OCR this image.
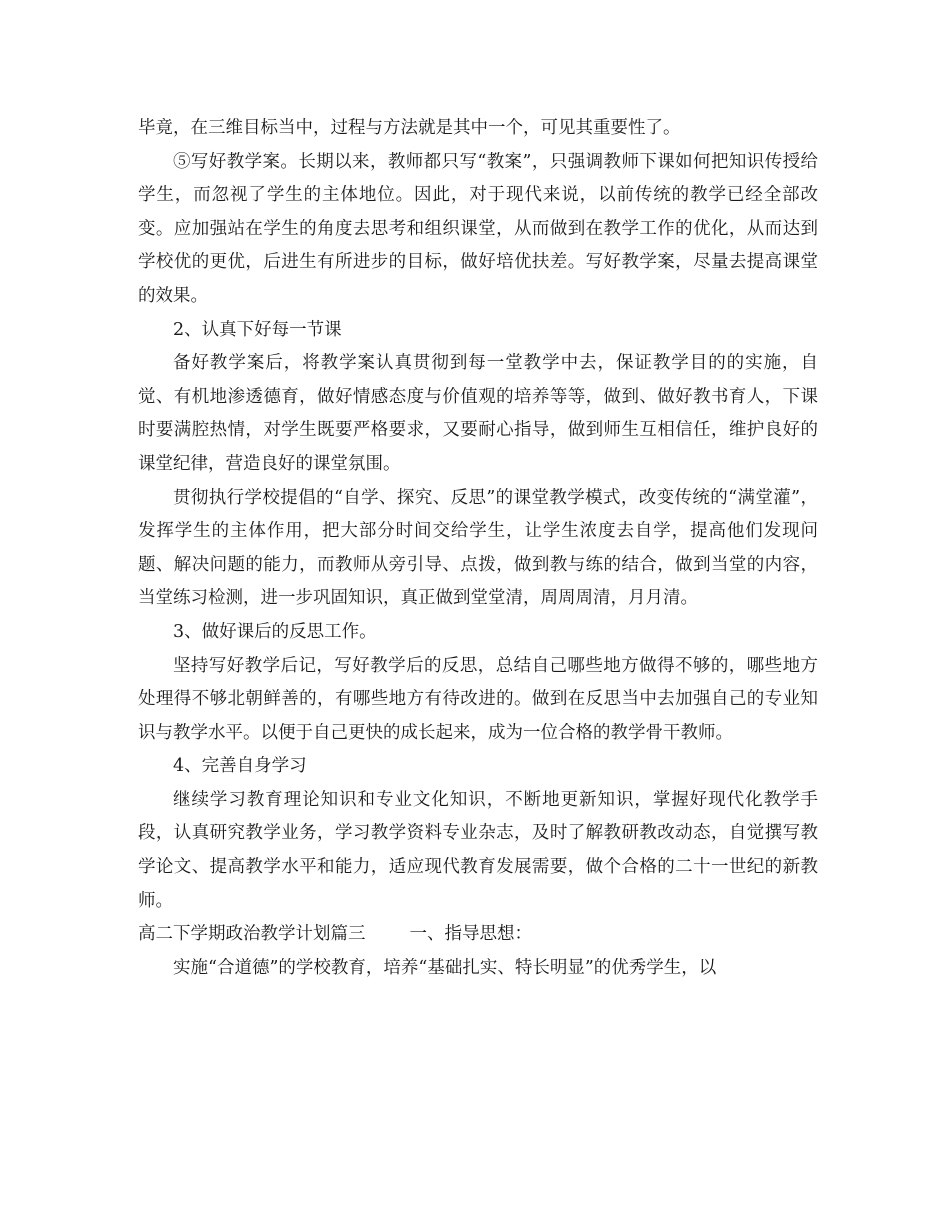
毕竟，在三维目标当中，过程与方法就是其中一个，可见其重要性了。

⑤写好教学案。长期以来，教师都只写“教案”，只强调教师下课如何把知识传授给学生，而忽视了学生的主体地位。因此，对于现代来说，以前传统的教学已经全部改变。应加强站在学生的角度去思考和组织课堂，从而做到在教学工作的优化，从而达到学校优的更优，后进生有所进步的目标，做好培优扶差。写好教学案，尽量去提高课堂的效果。

2、认真下好每一节课

备好教学案后，将教学案认真贯彻到每一堂教学中去，保证教学目的的实施，自觉、有机地渗透德育，做好情感态度与价值观的培养等等，做到、做好教书育人，下课时要满腔热情，对学生既要严格要求，又要耐心指导，做到师生互相信任，维护良好的课堂纪律，营造良好的课堂氛围。

贯彻执行学校提倡的“自学、探究、反思”的课堂教学模式，改变传统的“满堂灌”，发挥学生的主体作用，把大部分时间交给学生，让学生浓度去自学，提高他们发现问题、解决问题的能力，而教师从旁引导、点拨，做到教与练的结合，做到当堂的内容，当堂练习检测，进一步巩固知识，真正做到堂堂清，周周周清，月月清。

3、做好课后的反思工作。

坚持写好教学后记，写好教学后的反思，总结自己哪些地方做得不够的，哪些地方处理得不够北朝鲜善的，有哪些地方有待改进的。做到在反思当中去加强自己的专业知识与教学水平。以便于自己更快的成长起来，成为一位合格的教学骨干教师。

4、完善自身学习

继续学习教育理论知识和专业文化知识，不断地更新知识，掌握好现代化教学手段，认真研究教学业务，学习教学资料专业杂志，及时了解教研教改动态，自觉撰写教学论文、提高教学水平和能力，适应现代教育发展需要，做个合格的二十一世纪的新教师。

高二下学期政治教学计划篇三	一、指导思想：

实施“合道德”的学校教育，培养“基础扎实、特长明显”的优秀学生，以
